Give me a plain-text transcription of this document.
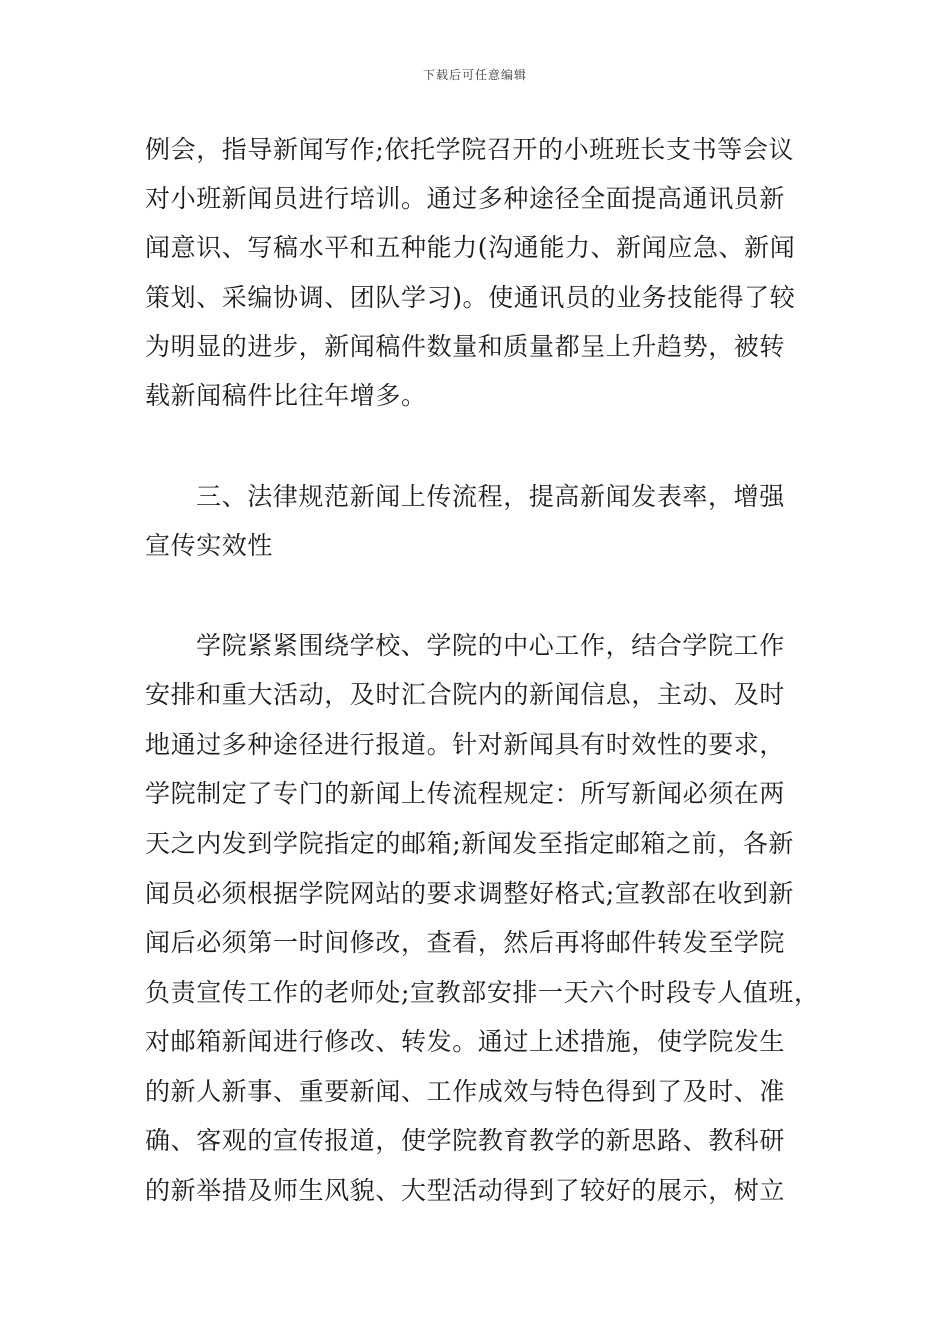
下载后可任意编辑
例会，指导新闻写作;依托学院召开的小班班长支书等会议
对小班新闻员进行培训。通过多种途径全面提高通讯员新
闻意识、写稿水平和五种能力(沟通能力、新闻应急、新闻
策划、采编协调、团队学习)。使通讯员的业务技能得了较
为明显的进步，新闻稿件数量和质量都呈上升趋势，被转
载新闻稿件比往年增多。
三、法律规范新闻上传流程，提高新闻发表率，增强
宣传实效性
学院紧紧围绕学校、学院的中心工作，结合学院工作
安排和重大活动，及时汇合院内的新闻信息，主动、及时
地通过多种途径进行报道。针对新闻具有时效性的要求，
学院制定了专门的新闻上传流程规定：所写新闻必须在两
天之内发到学院指定的邮箱;新闻发至指定邮箱之前，各新
闻员必须根据学院网站的要求调整好格式;宣教部在收到新
闻后必须第一时间修改，查看，然后再将邮件转发至学院
负责宣传工作的老师处;宣教部安排一天六个时段专人值班，
对邮箱新闻进行修改、转发。通过上述措施，使学院发生
的新人新事、重要新闻、工作成效与特色得到了及时、准
确、客观的宣传报道，使学院教育教学的新思路、教科研
的新举措及师生风貌、大型活动得到了较好的展示，树立
